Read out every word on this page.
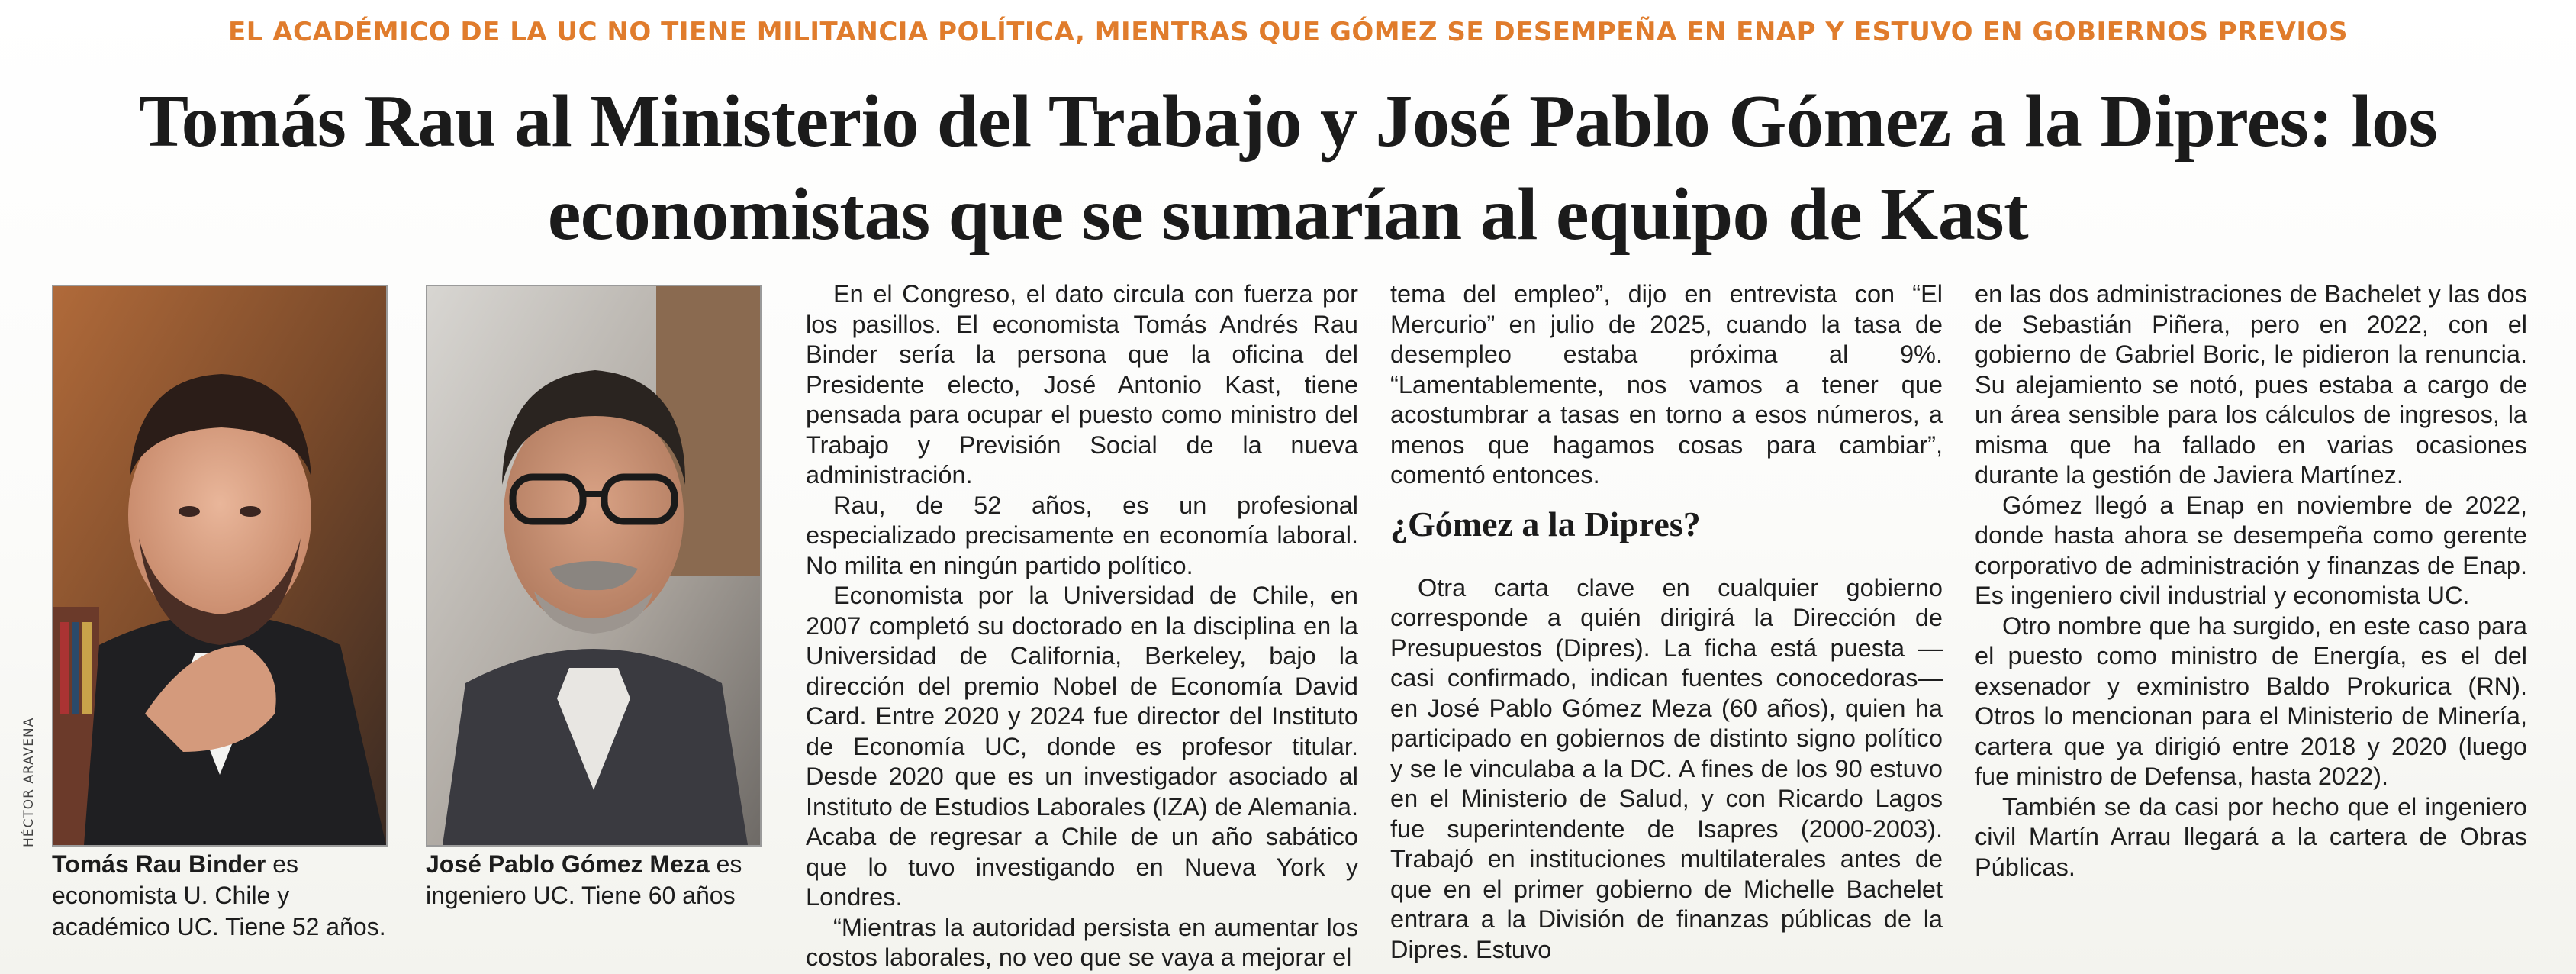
EL ACADÉMICO DE LA UC NO TIENE MILITANCIA POLÍTICA, MIENTRAS QUE GÓMEZ SE DESEMPEÑA EN ENAP Y ESTUVO EN GOBIERNOS PREVIOS
Tomás Rau al Ministerio del Trabajo y José Pablo Gómez a la Dipres: los
economistas que se sumarían al equipo de Kast
HÉCTOR ARAVENA
Tomás Rau Binder es economista U. Chile y académico UC. Tiene 52 años.
José Pablo Gómez Meza es ingeniero UC. Tiene 60 años

En el Congreso, el dato circula con fuerza por los pasillos. El economista Tomás Andrés Rau Binder sería la persona que la oficina del Presidente electo, José Antonio Kast, tiene pensada para ocupar el puesto como ministro del Trabajo y Previsión Social de la nueva administración.

Rau, de 52 años, es un profesional especializado precisamente en economía laboral. No milita en ningún partido político.

Economista por la Universidad de Chile, en 2007 completó su doctorado en la disciplina en la Universidad de California, Berkeley, bajo la dirección del premio Nobel de Economía David Card. Entre 2020 y 2024 fue director del Instituto de Economía UC, donde es profesor titular. Desde 2020 que es un investigador asociado al Instituto de Estudios Laborales (IZA) de Alemania. Acaba de regresar a Chile de un año sabático que lo tuvo investigando en Nueva York y Londres.

“Mientras la autoridad persista en aumentar los costos laborales, no veo que se vaya a mejorar el

tema del empleo”, dijo en entrevista con “El Mercurio” en julio de 2025, cuando la tasa de desempleo estaba próxima al 9%. “Lamentablemente, nos vamos a tener que acostumbrar a tasas en torno a esos números, a menos que hagamos cosas para cambiar”, comentó entonces.

¿Gómez a la Dipres?

Otra carta clave en cualquier gobierno corresponde a quién dirigirá la Dirección de Presupuestos (Dipres). La ficha está puesta —casi confirmado, indican fuentes conocedoras— en José Pablo Gómez Meza (60 años), quien ha participado en gobiernos de distinto signo político y se le vinculaba a la DC. A fines de los 90 estuvo en el Ministerio de Salud, y con Ricardo Lagos fue superintendente de Isapres (2000-2003). Trabajó en instituciones multilaterales antes de que en el primer gobierno de Michelle Bachelet entrara a la División de finanzas públicas de la Dipres. Estuvo

en las dos administraciones de Bachelet y las dos de Sebastián Piñera, pero en 2022, con el gobierno de Gabriel Boric, le pidieron la renuncia. Su alejamiento se notó, pues estaba a cargo de un área sensible para los cálculos de ingresos, la misma que ha fallado en varias ocasiones durante la gestión de Javiera Martínez.

Gómez llegó a Enap en noviembre de 2022, donde hasta ahora se desempeña como gerente corporativo de administración y finanzas de Enap. Es ingeniero civil industrial y economista UC.

Otro nombre que ha surgido, en este caso para el puesto como ministro de Energía, es el del exsenador y exministro Baldo Prokurica (RN). Otros lo mencionan para el Ministerio de Minería, cartera que ya dirigió entre 2018 y 2020 (luego fue ministro de Defensa, hasta 2022).

También se da casi por hecho que el ingeniero civil Martín Arrau llegará a la cartera de Obras Públicas.
